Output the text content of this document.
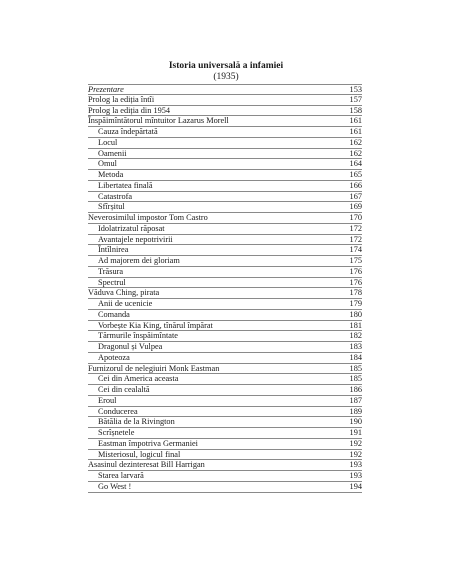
Istoria universală a infamiei
(1935)
Prezentare	153
Prolog la ediția întîi	157
Prolog la ediția din 1954	158
Înspăimîntătorul mîntuitor Lazarus Morell	161
Cauza îndepărtată	161
Locul	162
Oamenii	162
Omul	164
Metoda	165
Libertatea finală	166
Catastrofa	167
Sfîrșitul	169
Neverosimilul impostor Tom Castro	170
Idolatrizatul răposat	172
Avantajele nepotrivirii	172
Întîlnirea	174
Ad majorem dei gloriam	175
Trăsura	176
Spectrul	176
Văduva Ching, pirata	178
Anii de ucenicie	179
Comanda	180
Vorbește Kia King, tînărul împărat	181
Tărmurile înspăimîntate	182
Dragonul și Vulpea	183
Apoteoza	184
Furnizorul de nelegiuiri Monk Eastman	185
Cei din America aceasta	185
Cei din cealaltă	186
Eroul	187
Conducerea	189
Bătălia de la Rivington	190
Scrîșnetele	191
Eastman împotriva Germaniei	192
Misteriosul, logicul final	192
Asasinul dezinteresat Bill Harrigan	193
Starea larvară	193
Go West !	194
